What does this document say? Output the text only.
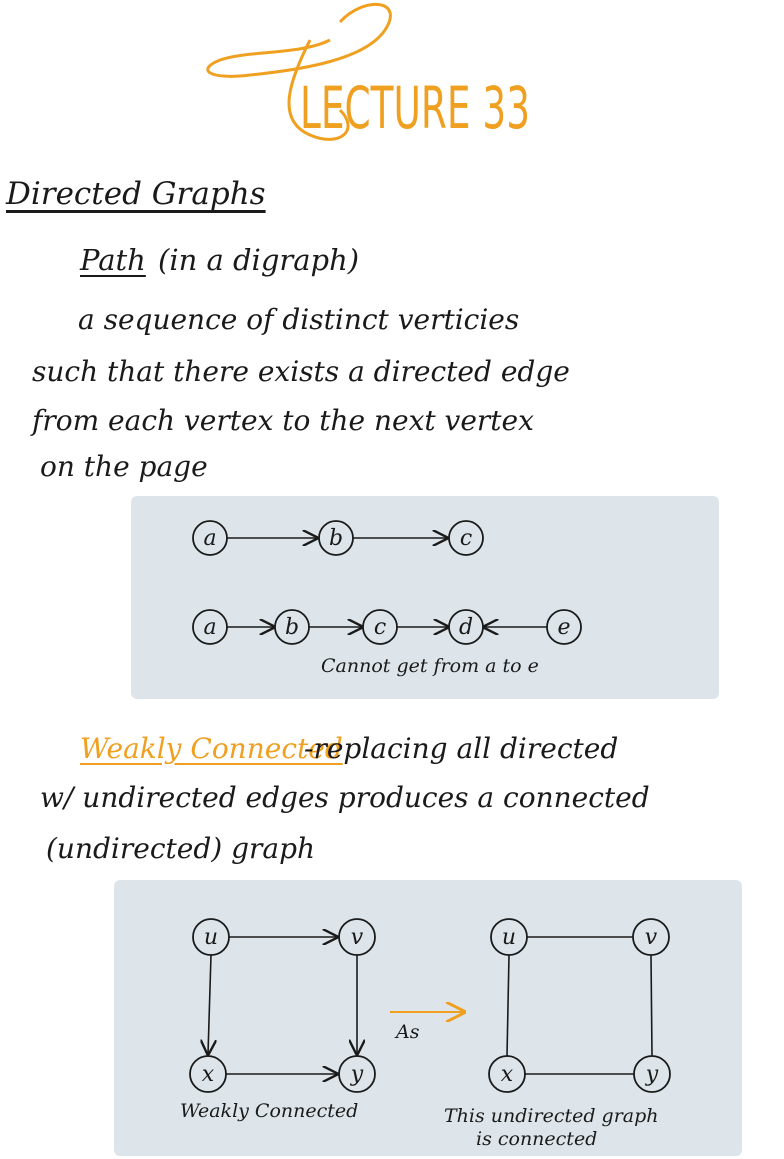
LECTURE 33
Directed Graphs
Path (in a digraph)
a sequence of distinct verticies
such that there exists a directed edge
from each vertex to the next vertex
on the page
a	b	c
a	b	c	d	e
Cannot get from a to e
Weakly Connected
-replacing all directed
w/ undirected edges produces a connected
(undirected) graph
u	v
x	y
Weakly Connected
As
u	v
x	y
This undirected graph
is connected
